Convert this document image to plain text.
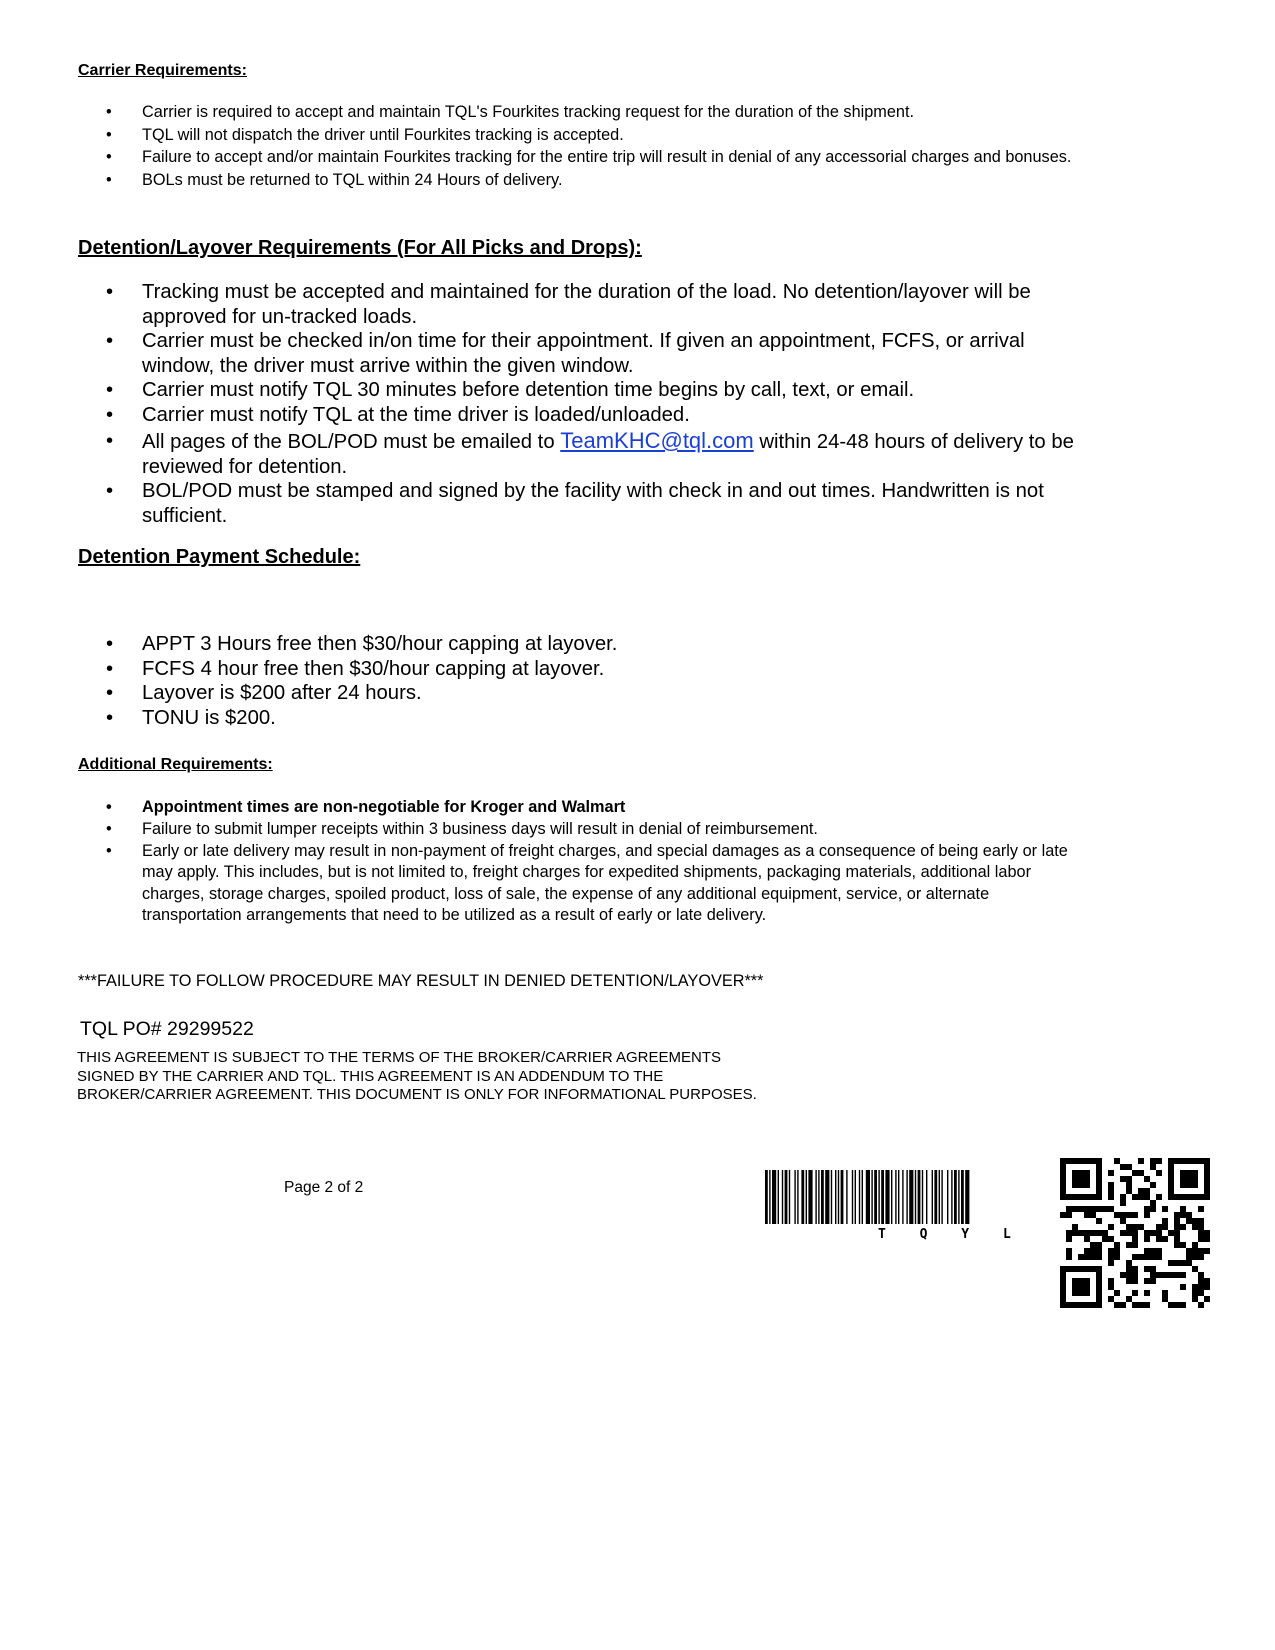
Carrier Requirements:
• Carrier is required to accept and maintain TQL's Fourkites tracking request for the duration of the shipment.
• TQL will not dispatch the driver until Fourkites tracking is accepted.
• Failure to accept and/or maintain Fourkites tracking for the entire trip will result in denial of any accessorial charges and bonuses.
• BOLs must be returned to TQL within 24 Hours of delivery.
Detention/Layover Requirements (For All Picks and Drops):
• Tracking must be accepted and maintained for the duration of the load. No detention/layover will be approved for un-tracked loads.
• Carrier must be checked in/on time for their appointment. If given an appointment, FCFS, or arrival window, the driver must arrive within the given window.
• Carrier must notify TQL 30 minutes before detention time begins by call, text, or email.
• Carrier must notify TQL at the time driver is loaded/unloaded.
• All pages of the BOL/POD must be emailed to TeamKHC@tql.com within 24-48 hours of delivery to be reviewed for detention.
• BOL/POD must be stamped and signed by the facility with check in and out times. Handwritten is not sufficient.
Detention Payment Schedule:
• APPT 3 Hours free then $30/hour capping at layover.
• FCFS 4 hour free then $30/hour capping at layover.
• Layover is $200 after 24 hours.
• TONU is $200.
Additional Requirements:
• Appointment times are non-negotiable for Kroger and Walmart
• Failure to submit lumper receipts within 3 business days will result in denial of reimbursement.
• Early or late delivery may result in non-payment of freight charges, and special damages as a consequence of being early or late may apply. This includes, but is not limited to, freight charges for expedited shipments, packaging materials, additional labor charges, storage charges, spoiled product, loss of sale, the expense of any additional equipment, service, or alternate transportation arrangements that need to be utilized as a result of early or late delivery.
***FAILURE TO FOLLOW PROCEDURE MAY RESULT IN DENIED DETENTION/LAYOVER***
TQL PO# 29299522
THIS AGREEMENT IS SUBJECT TO THE TERMS OF THE BROKER/CARRIER AGREEMENTS SIGNED BY THE CARRIER AND TQL. THIS AGREEMENT IS AN ADDENDUM TO THE BROKER/CARRIER AGREEMENT. THIS DOCUMENT IS ONLY FOR INFORMATIONAL PURPOSES.
Page 2 of 2
T Q Y L
